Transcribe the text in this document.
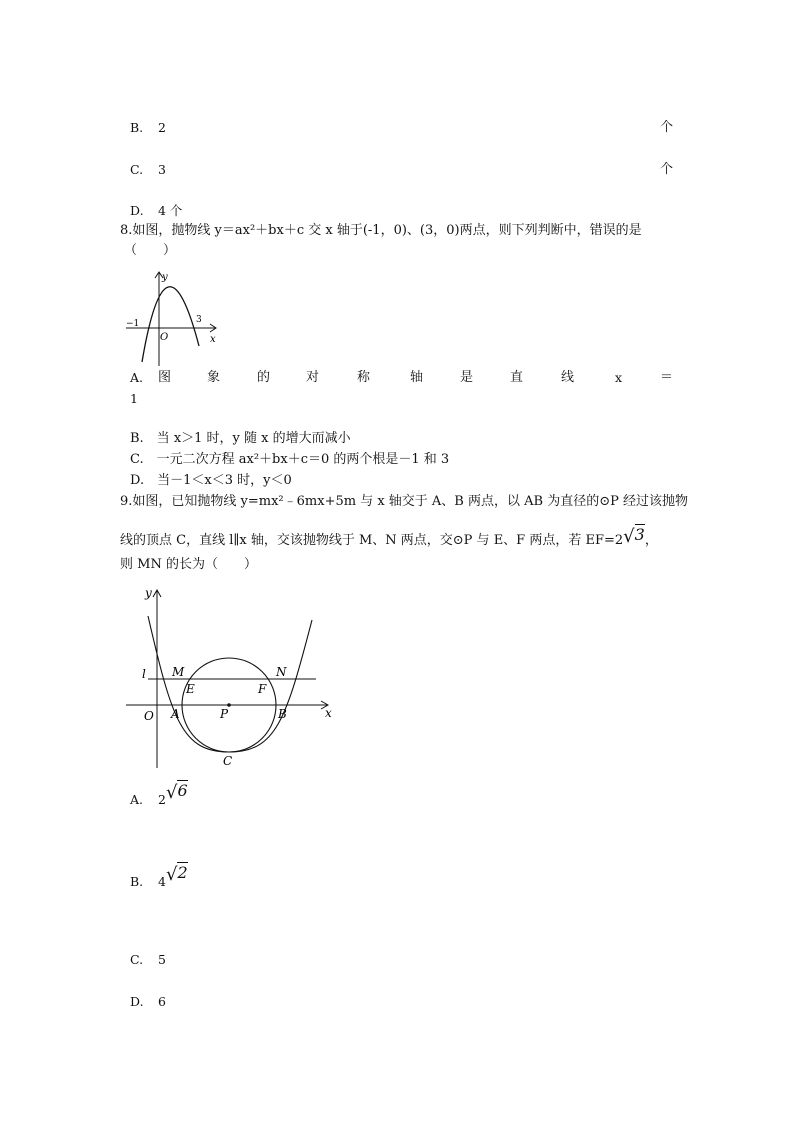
B. 2	个
C. 3	个
D. 4 个
8.如图，抛物线 y＝ax²＋bx＋c 交 x 轴于(-1，0)、(3，0)两点，则下列判断中，错误的是
（　　）
y
x
O
−1	3
A. 图	象	的	对	称	轴	是	直	线	x	＝
1
B.　当 x＞1 时，y 随 x 的增大而减小
C.　一元二次方程 ax²＋bx＋c＝0 的两个根是－1 和 3
D.　当－1＜x＜3 时，y＜0
9.如图，已知抛物线 y=mx²﹣6mx+5m 与 x 轴交于 A、B 两点，以 AB 为直径的⊙P 经过该抛物
线的顶点 C，直线 l∥x 轴，交该抛物线于 M、N 两点，交⊙P 与 E、F 两点，若 EF=2√3，
则 MN 的长为（　　）
y
x
O
l M	N
E	F
A	B
P
C
A. 2√6
B. 4√2
C. 5
D. 6
